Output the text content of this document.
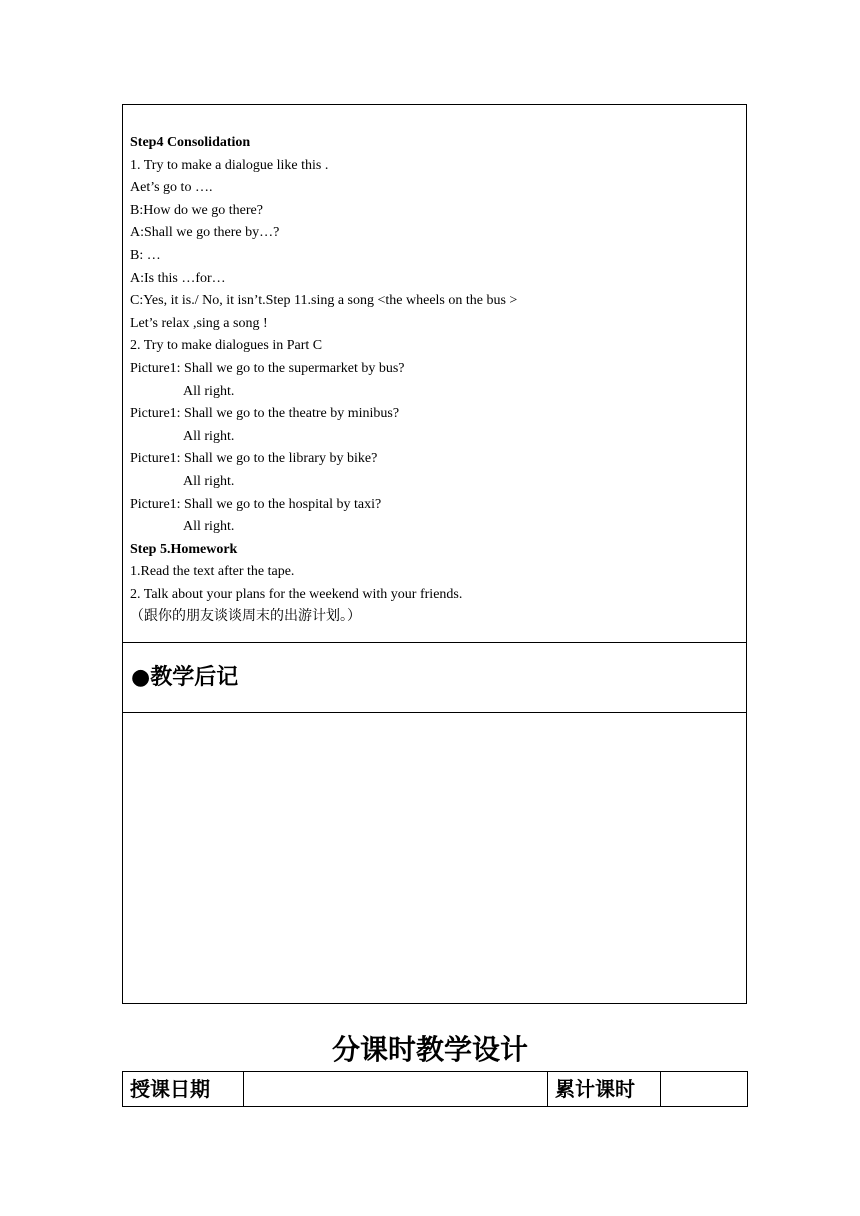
Step4 Consolidation
1. Try to make a dialogue like this .
Aet’s go to ….
B:How do we go there?
A:Shall we go there by…?
B: …
A:Is this …for…
C:Yes, it is./ No, it isn’t.Step 11.sing a song <the wheels on the bus >
Let’s relax ,sing a song !
2. Try to make dialogues in Part C
Picture1: Shall we go to the supermarket by bus?
All right.
Picture1: Shall we go to the theatre by minibus?
All right.
Picture1: Shall we go to the library by bike?
All right.
Picture1: Shall we go to the hospital by taxi?
All right.
Step 5.Homework
1.Read the text after the tape.
2. Talk about your plans for the weekend with your friends.
（跟你的朋友谈谈周末的出游计划。）
●教学后记
分课时教学设计
授课日期		累计课时	
